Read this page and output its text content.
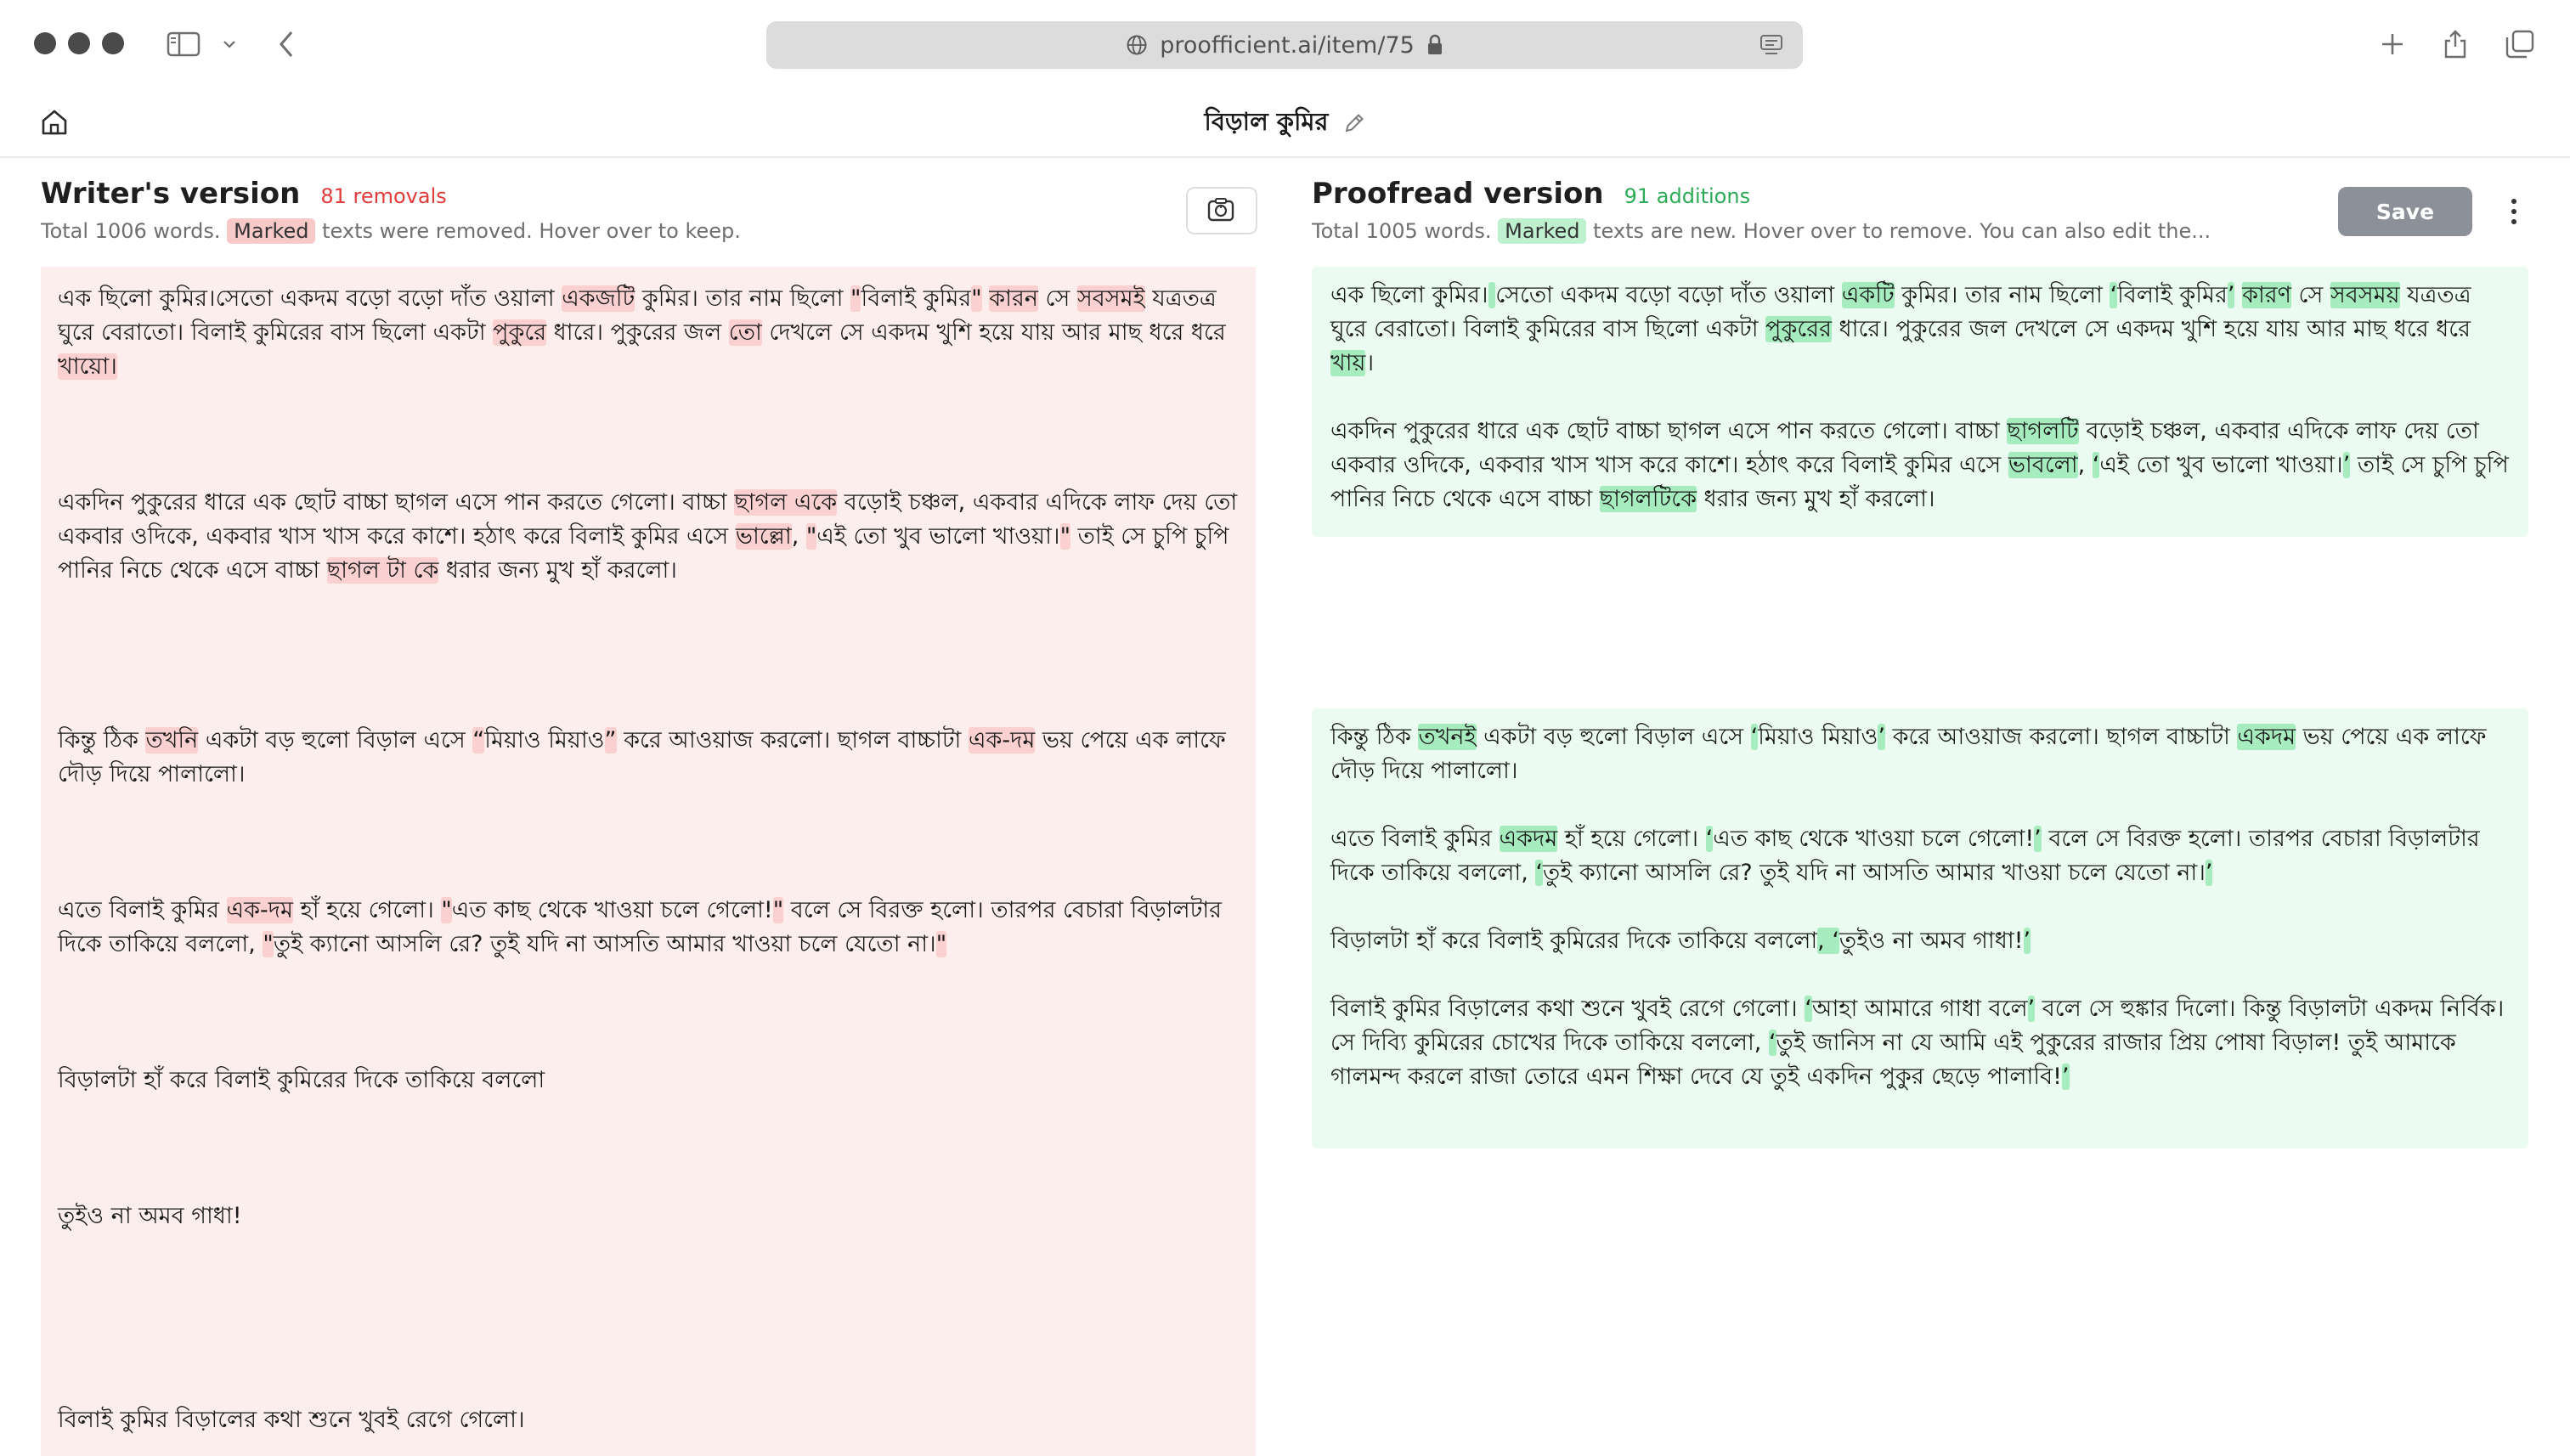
proofficient.ai/item/75
বিড়াল কুমির
Writer's version 81 removals
Total 1006 words. Marked texts were removed. Hover over to keep.
Proofread version 91 additions
Total 1005 words. Marked texts are new. Hover over to remove. You can also edit the...
Save
এক ছিলো কুমির।সেতো একদম বড়ো বড়ো দাঁত ওয়ালা একজটি কুমির। তার নাম ছিলো "বিলাই কুমির" কারন সে সবসমই যত্রতত্র ঘুরে বেরাতো। বিলাই কুমিরের বাস ছিলো একটা পুকুরে ধারে। পুকুরের জল তো দেখলে সে একদম খুশি হয়ে যায় আর মাছ ধরে ধরে খায়ো।
একদিন পুকুরের ধারে এক ছোট বাচ্চা ছাগল এসে পান করতে গেলো। বাচ্চা ছাগল একে বড়োই চঞ্চল, একবার এদিকে লাফ দেয় তো একবার ওদিকে, একবার খাস খাস করে কাশে। হঠাৎ করে বিলাই কুমির এসে ভাল্লো, "এই তো খুব ভালো খাওয়া।" তাই সে চুপি চুপি পানির নিচে থেকে এসে বাচ্চা ছাগল টা কে ধরার জন্য মুখ হাঁ করলো।
কিন্তু ঠিক তখনি একটা বড় হুলো বিড়াল এসে “মিয়াও মিয়াও” করে আওয়াজ করলো। ছাগল বাচ্চাটা এক-দম ভয় পেয়ে এক লাফে দৌড় দিয়ে পালালো।
এতে বিলাই কুমির এক-দম হাঁ হয়ে গেলো। "এত কাছ থেকে খাওয়া চলে গেলো!" বলে সে বিরক্ত হলো। তারপর বেচারা বিড়ালটার দিকে তাকিয়ে বললো, "তুই ক্যানো আসলি রে? তুই যদি না আসতি আমার খাওয়া চলে যেতো না।"
বিড়ালটা হাঁ করে বিলাই কুমিরের দিকে তাকিয়ে বললো
তুইও না অমব গাধা!
বিলাই কুমির বিড়ালের কথা শুনে খুবই রেগে গেলো।
এক ছিলো কুমির। সেতো একদম বড়ো বড়ো দাঁত ওয়ালা একটি কুমির। তার নাম ছিলো ‘বিলাই কুমির’ কারণ সে সবসময় যত্রতত্র ঘুরে বেরাতো। বিলাই কুমিরের বাস ছিলো একটা পুকুরের ধারে। পুকুরের জল দেখলে সে একদম খুশি হয়ে যায় আর মাছ ধরে ধরে খায়।
একদিন পুকুরের ধারে এক ছোট বাচ্চা ছাগল এসে পান করতে গেলো। বাচ্চা ছাগলটি বড়োই চঞ্চল, একবার এদিকে লাফ দেয় তো একবার ওদিকে, একবার খাস খাস করে কাশে। হঠাৎ করে বিলাই কুমির এসে ভাবলো, ‘এই তো খুব ভালো খাওয়া।’ তাই সে চুপি চুপি পানির নিচে থেকে এসে বাচ্চা ছাগলটিকে ধরার জন্য মুখ হাঁ করলো।
কিন্তু ঠিক তখনই একটা বড় হুলো বিড়াল এসে ‘মিয়াও মিয়াও’ করে আওয়াজ করলো। ছাগল বাচ্চাটা একদম ভয় পেয়ে এক লাফে দৌড় দিয়ে পালালো।
এতে বিলাই কুমির একদম হাঁ হয়ে গেলো। ‘এত কাছ থেকে খাওয়া চলে গেলো!’ বলে সে বিরক্ত হলো। তারপর বেচারা বিড়ালটার দিকে তাকিয়ে বললো, ‘তুই ক্যানো আসলি রে? তুই যদি না আসতি আমার খাওয়া চলে যেতো না।’
বিড়ালটা হাঁ করে বিলাই কুমিরের দিকে তাকিয়ে বললো, ‘তুইও না অমব গাধা!’
বিলাই কুমির বিড়ালের কথা শুনে খুবই রেগে গেলো। ‘আহা আমারে গাধা বলে’ বলে সে হুঙ্কার দিলো। কিন্তু বিড়ালটা একদম নির্বিক। সে দিব্যি কুমিরের চোখের দিকে তাকিয়ে বললো, ‘তুই জানিস না যে আমি এই পুকুরের রাজার প্রিয় পোষা বিড়াল! তুই আমাকে গালমন্দ করলে রাজা তোরে এমন শিক্ষা দেবে যে তুই একদিন পুকুর ছেড়ে পালাবি!’
